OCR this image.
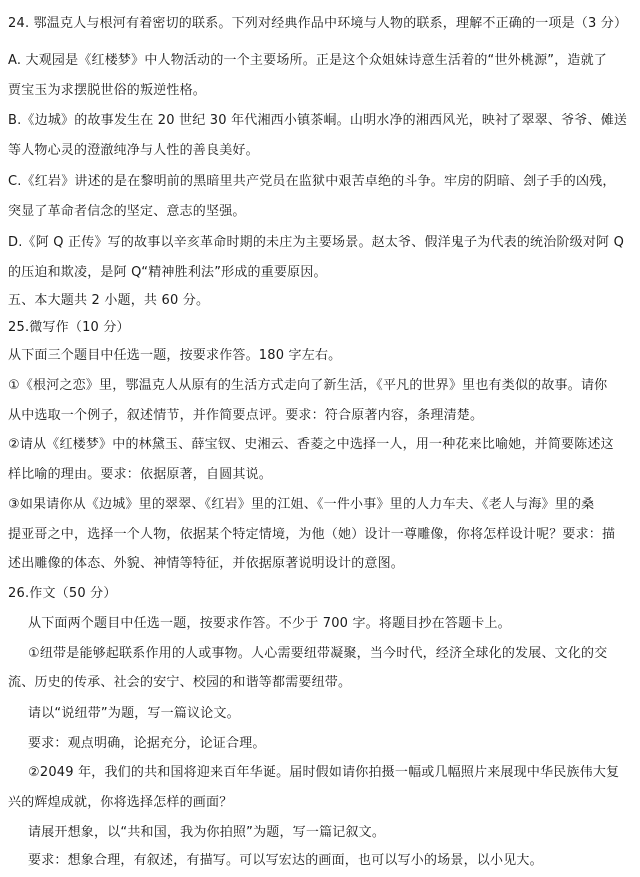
24. 鄂温克人与根河有着密切的联系。下列对经典作品中环境与人物的联系，理解不正确的一项是（3 分）
A. 大观园是《红楼梦》中人物活动的一个主要场所。正是这个众姐妹诗意生活着的“世外桃源”，造就了
贾宝玉为求摆脱世俗的叛逆性格。
B.《边城》的故事发生在 20 世纪 30 年代湘西小镇茶峒。山明水净的湘西风光，映衬了翠翠、爷爷、傩送
等人物心灵的澄澈纯净与人性的善良美好。
C.《红岩》讲述的是在黎明前的黑暗里共产党员在监狱中艰苦卓绝的斗争。牢房的阴暗、刽子手的凶残，
突显了革命者信念的坚定、意志的坚强。
D.《阿 Q 正传》写的故事以辛亥革命时期的未庄为主要场景。赵太爷、假洋鬼子为代表的统治阶级对阿 Q
的压迫和欺凌，是阿 Q“精神胜利法”形成的重要原因。
五、本大题共 2 小题，共 60 分。
25.微写作（10 分）
从下面三个题目中任选一题，按要求作答。180 字左右。
①《根河之恋》里，鄂温克人从原有的生活方式走向了新生活，《平凡的世界》里也有类似的故事。请你
从中选取一个例子，叙述情节，并作简要点评。要求：符合原著内容，条理清楚。
②请从《红楼梦》中的林黛玉、薛宝钗、史湘云、香菱之中选择一人，用一种花来比喻她，并简要陈述这
样比喻的理由。要求：依据原著，自圆其说。
③如果请你从《边城》里的翠翠、《红岩》里的江姐、《一件小事》里的人力车夫、《老人与海》里的桑
提亚哥之中，选择一个人物，依据某个特定情境，为他（她）设计一尊雕像，你将怎样设计呢？要求：描
述出雕像的体态、外貌、神情等特征，并依据原著说明设计的意图。
26.作文（50 分）
从下面两个题目中任选一题，按要求作答。不少于 700 字。将题目抄在答题卡上。
①纽带是能够起联系作用的人或事物。人心需要纽带凝聚，当今时代，经济全球化的发展、文化的交
流、历史的传承、社会的安宁、校园的和谐等都需要纽带。
请以“说纽带”为题，写一篇议论文。
要求：观点明确，论据充分，论证合理。
②2049 年，我们的共和国将迎来百年华诞。届时假如请你拍摄一幅或几幅照片来展现中华民族伟大复
兴的辉煌成就，你将选择怎样的画面？
请展开想象，以“共和国，我为你拍照”为题，写一篇记叙文。
要求：想象合理，有叙述，有描写。可以写宏达的画面，也可以写小的场景，以小见大。
